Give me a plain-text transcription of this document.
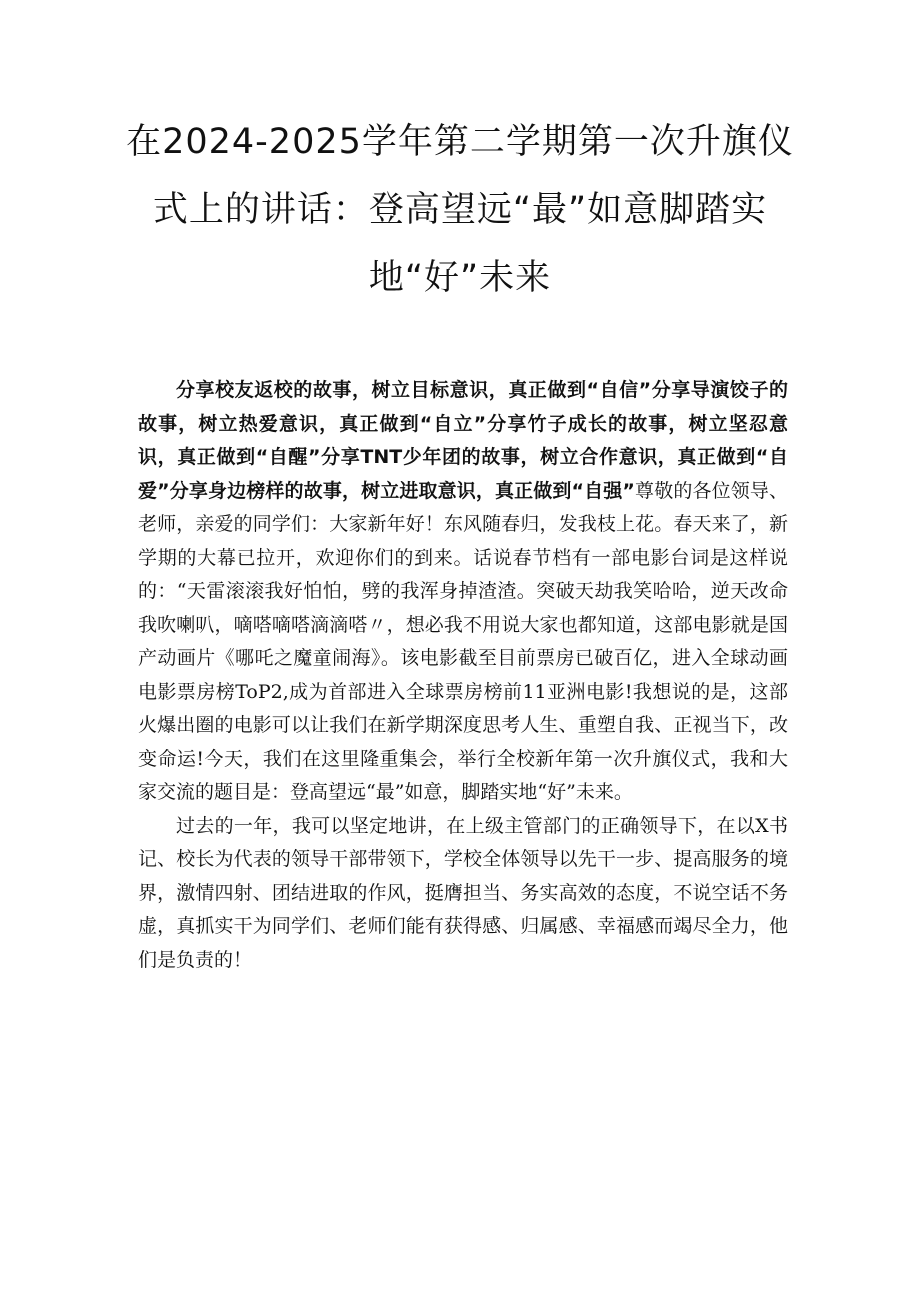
在2024-2025学年第二学期第一次升旗仪式上的讲话：登高望远“最”如意脚踏实地“好”未来

分享校友返校的故事，树立目标意识，真正做到“自信”分享导演饺子的故事，树立热爱意识，真正做到“自立”分享竹子成长的故事，树立坚忍意识，真正做到“自醒”分享TNT少年团的故事，树立合作意识，真正做到“自爱”分享身边榜样的故事，树立进取意识，真正做到“自强”尊敬的各位领导、老师，亲爱的同学们：大家新年好！东风随春归，发我枝上花。春天来了，新学期的大幕已拉开，欢迎你们的到来。话说春节档有一部电影台词是这样说的：“天雷滚滚我好怕怕，劈的我浑身掉渣渣。突破天劫我笑哈哈，逆天改命我吹喇叭，嘀嗒嘀嗒滴滴嗒〃，想必我不用说大家也都知道，这部电影就是国产动画片《哪吒之魔童闹海》。该电影截至目前票房已破百亿，进入全球动画电影票房榜ToP2,成为首部进入全球票房榜前11亚洲电影!我想说的是，这部火爆出圈的电影可以让我们在新学期深度思考人生、重塑自我、正视当下，改变命运!今天，我们在这里隆重集会，举行全校新年第一次升旗仪式，我和大家交流的题目是：登高望远“最”如意，脚踏实地“好”未来。

过去的一年，我可以坚定地讲，在上级主管部门的正确领导下，在以X书记、校长为代表的领导干部带领下，学校全体领导以先干一步、提高服务的境界，激情四射、团结进取的作风，挺膺担当、务实高效的态度，不说空话不务虚，真抓实干为同学们、老师们能有获得感、归属感、幸福感而竭尽全力，他们是负责的！
